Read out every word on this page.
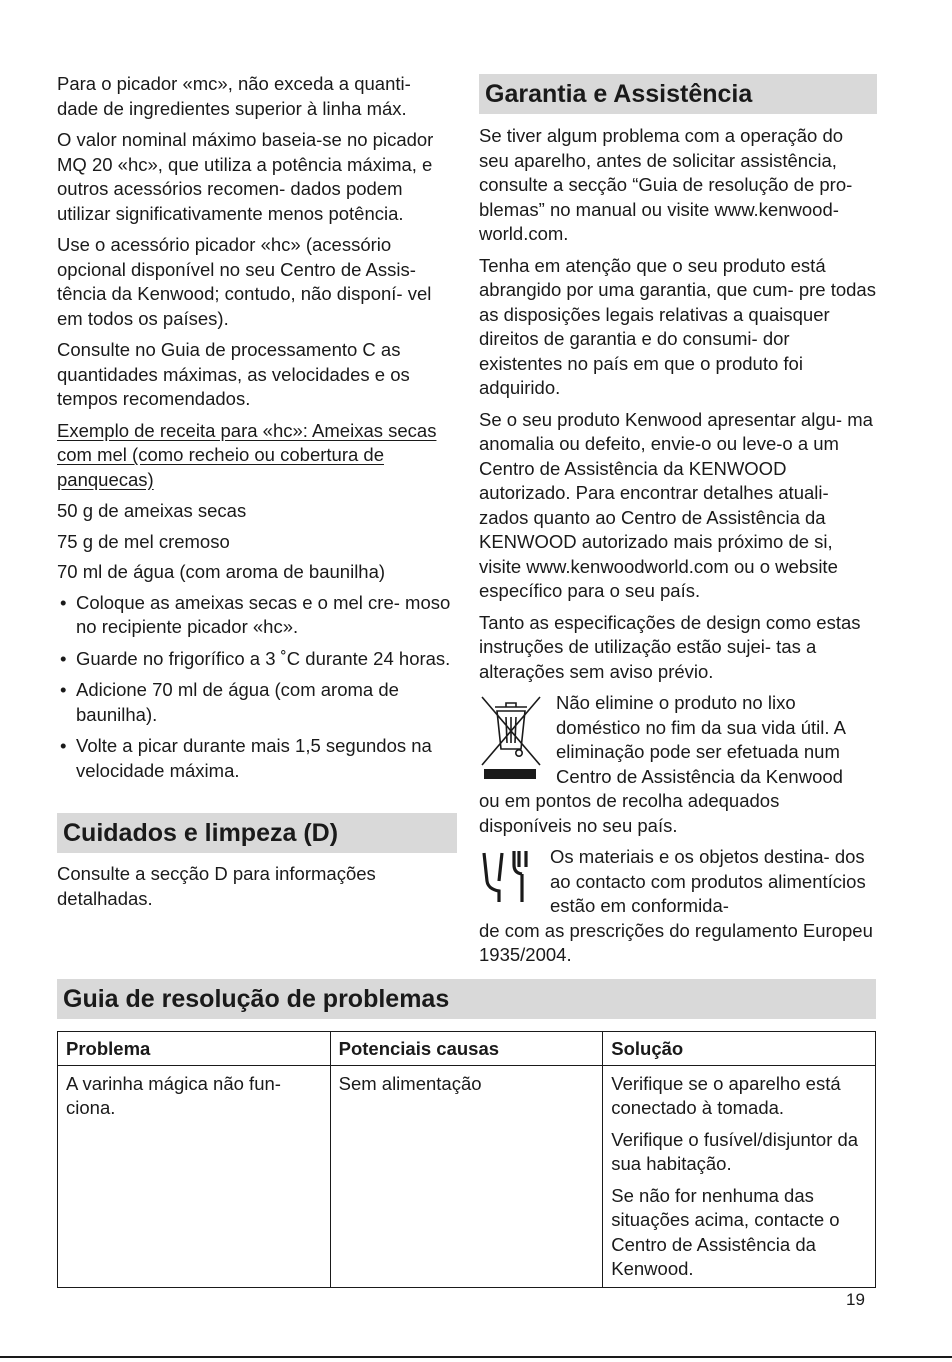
Para o picador «mc», não exceda a quanti- dade de ingredientes superior à linha máx.

O valor nominal máximo baseia-se no picador MQ 20 «hc», que utiliza a potência máxima, e outros acessórios recomen- dados podem utilizar significativamente menos potência.

Use o acessório picador «hc» (acessório opcional disponível no seu Centro de Assis- tência da Kenwood; contudo, não disponí- vel em todos os países).

Consulte no Guia de processamento C as quantidades máximas, as velocidades e os tempos recomendados.

Exemplo de receita para «hc»: Ameixas secas com mel (como recheio ou cobertura de panquecas)

50 g de ameixas secas

75 g de mel cremoso

70 ml de água (com aroma de baunilha)

• Coloque as ameixas secas e o mel cre- moso no recipiente picador «hc».
• Guarde no frigorífico a 3 ˚C durante 24 horas.
• Adicione 70 ml de água (com aroma de baunilha).
• Volte a picar durante mais 1,5 segundos na velocidade máxima.
Cuidados e limpeza (D)

Consulte a secção D para informações detalhadas.

Garantia e Assistência

Se tiver algum problema com a operação do seu aparelho, antes de solicitar assistência, consulte a secção “Guia de resolução de pro- blemas” no manual ou visite www.kenwood- world.com.

Tenha em atenção que o seu produto está abrangido por uma garantia, que cum- pre todas as disposições legais relativas a quaisquer direitos de garantia e do consumi- dor existentes no país em que o produto foi adquirido.

Se o seu produto Kenwood apresentar algu- ma anomalia ou defeito, envie-o ou leve-o a um Centro de Assistência da KENWOOD autorizado. Para encontrar detalhes atuali- zados quanto ao Centro de Assistência da KENWOOD autorizado mais próximo de si, visite www.kenwoodworld.com ou o website específico para o seu país.

Tanto as especificações de design como estas instruções de utilização estão sujei- tas a alterações sem aviso prévio.

Não elimine o produto no lixo doméstico no fim da sua vida útil. A eliminação pode ser efetuada num Centro de Assistência da Kenwood

ou em pontos de recolha adequados disponíveis no seu país.

Os materiais e os objetos destina- dos ao contacto com produtos alimentícios estão em conformida-

de com as prescrições do regulamento Europeu 1935/2004.

Guia de resolução de problemas
Problema	Potenciais causas	Solução
A varinha mágica não fun- ciona.	Sem alimentação	Verifique se o aparelho está conectado à tomada.

Verifique o fusível/disjuntor da sua habitação.

Se não for nenhuma das situações acima, contacte o Centro de Assistência da Kenwood.

19
